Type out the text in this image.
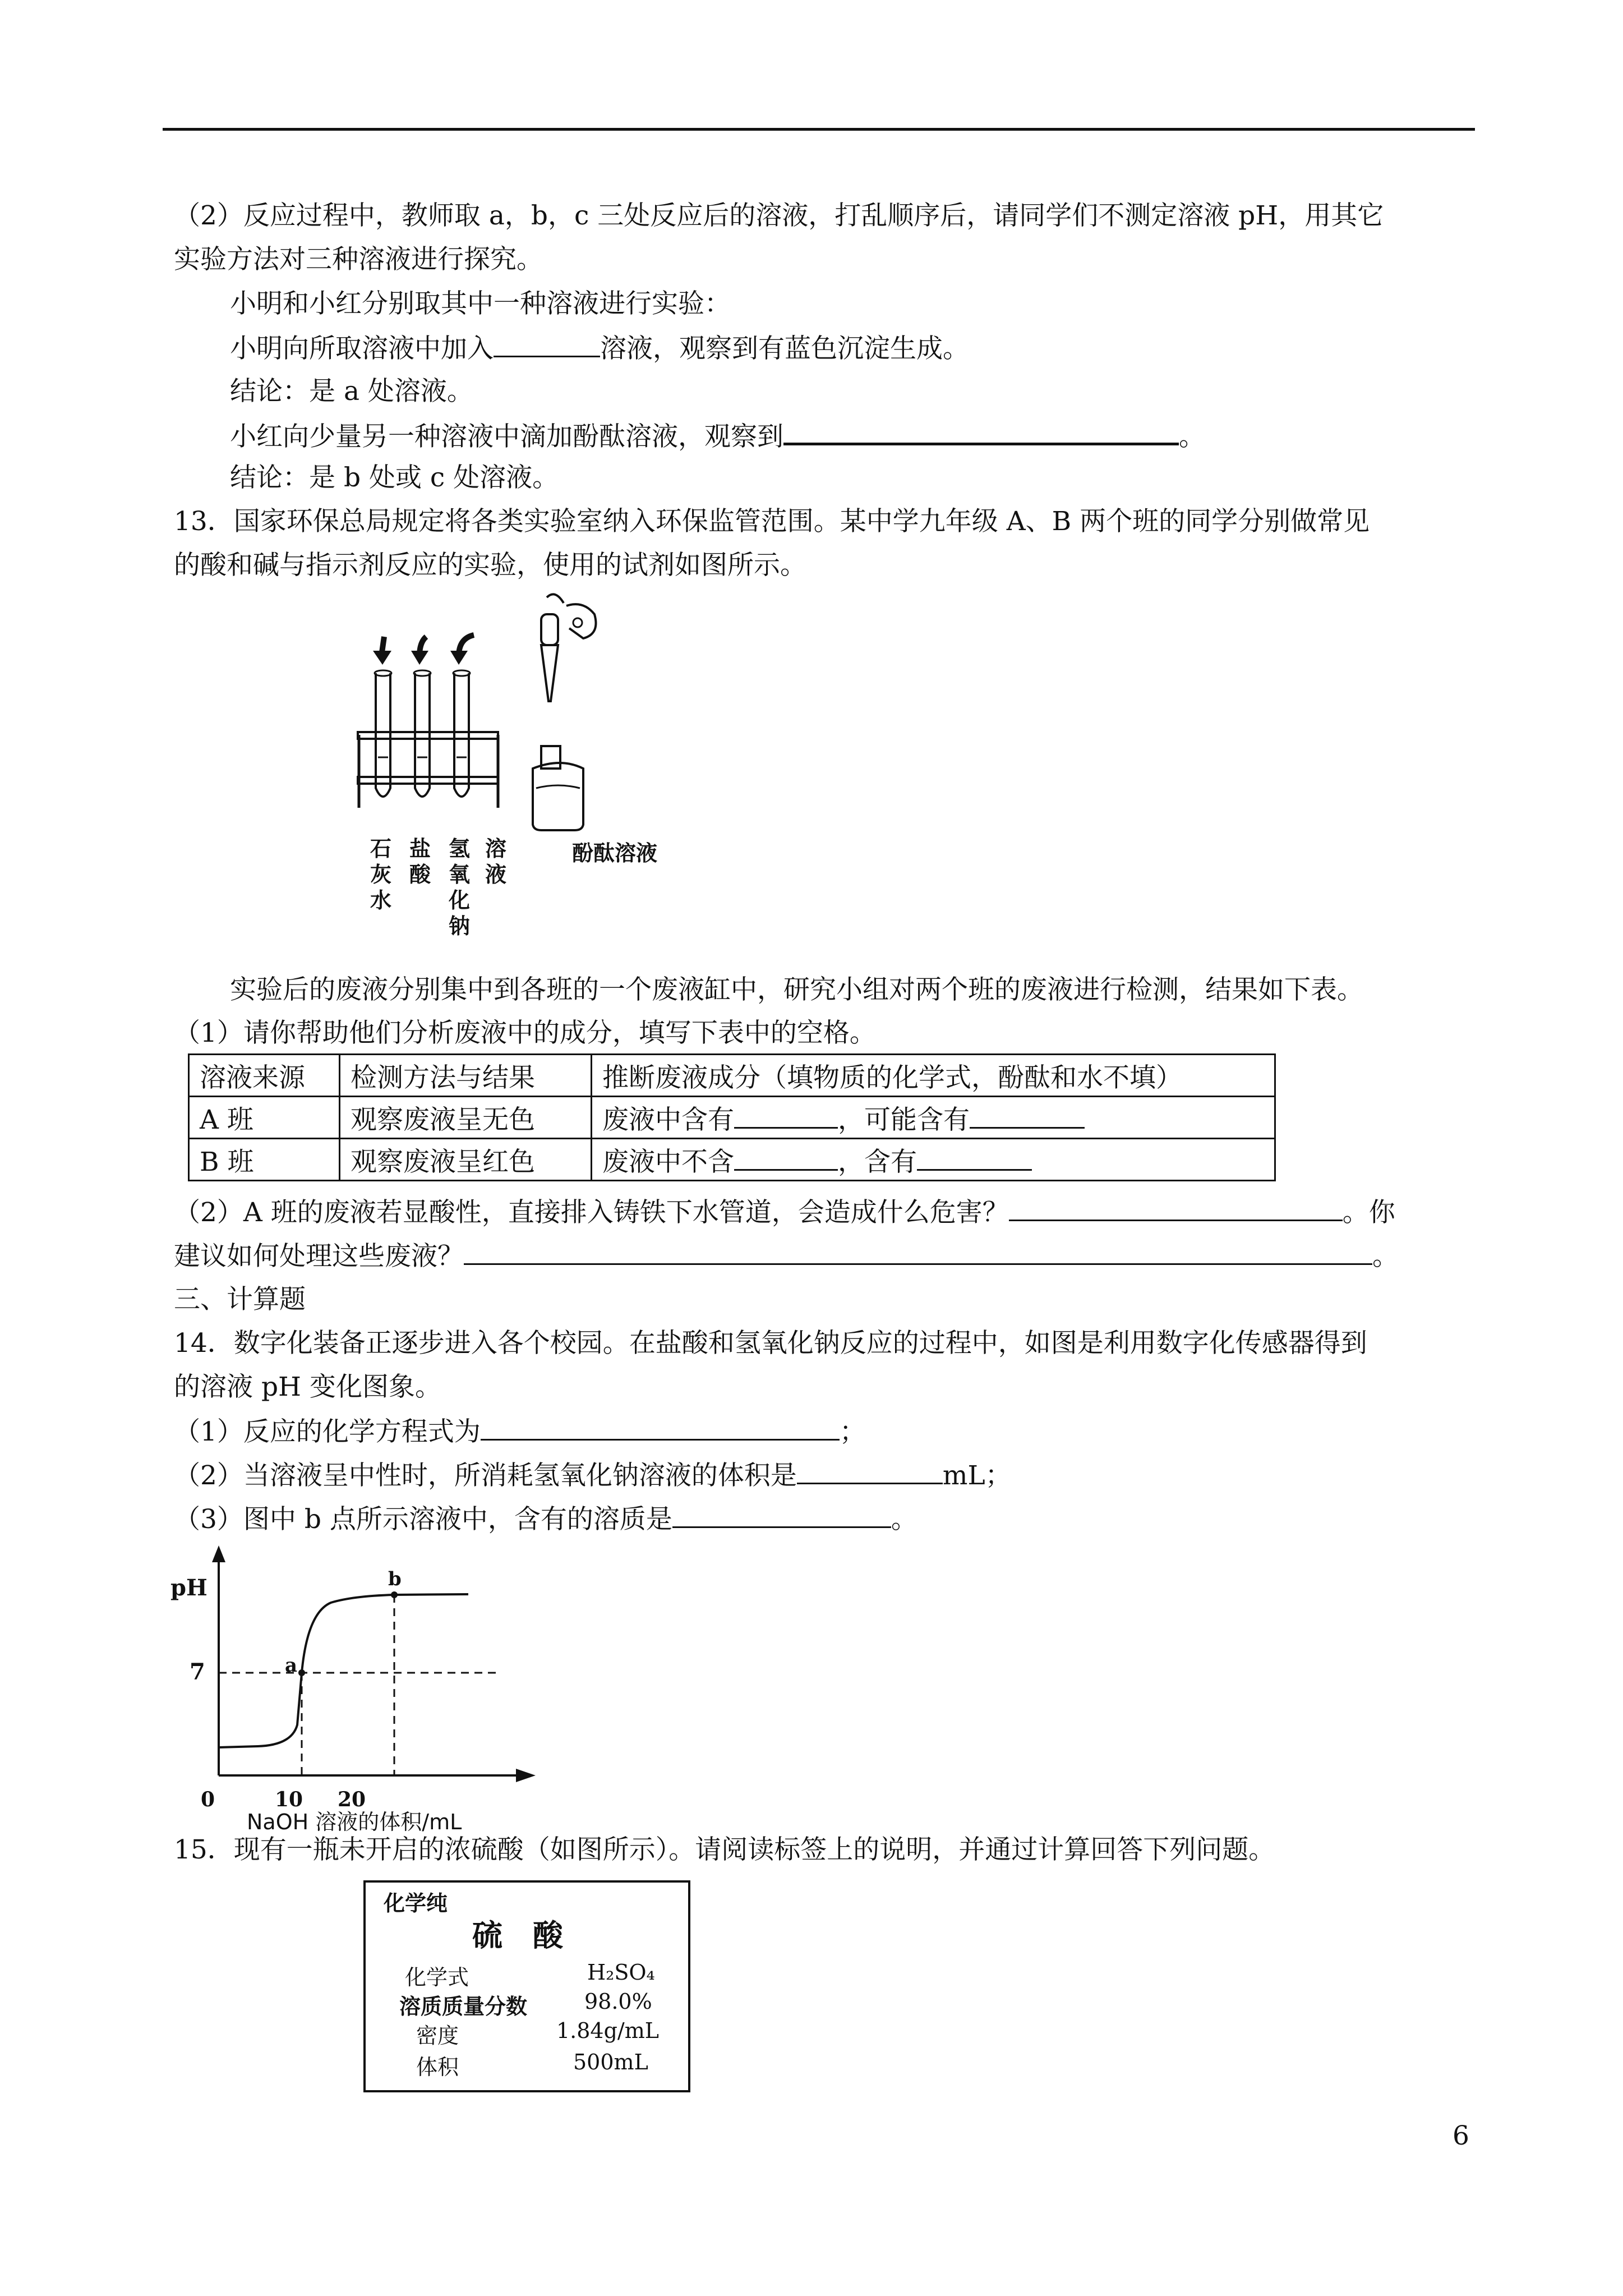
（2）反应过程中，教师取 a，b，c 三处反应后的溶液，打乱顺序后，请同学们不测定溶液 pH，用其它
实验方法对三种溶液进行探究。
小明和小红分别取其中一种溶液进行实验：
小明向所取溶液中加入	溶液，观察到有蓝色沉淀生成。
结论：是 a 处溶液。
小红向少量另一种溶液中滴加酚酞溶液，观察到	。
结论：是 b 处或 c 处溶液。
13．国家环保总局规定将各类实验室纳入环保监管范围。某中学九年级 A、B 两个班的同学分别做常见
的酸和碱与指示剂反应的实验，使用的试剂如图所示。
石灰水
盐酸
氢氧化钠
溶液
酚酞溶液
实验后的废液分别集中到各班的一个废液缸中，研究小组对两个班的废液进行检测，结果如下表。
（1）请你帮助他们分析废液中的成分，填写下表中的空格。
溶液来源	检测方法与结果	推断废液成分（填物质的化学式，酚酞和水不填）
A 班	观察废液呈无色	废液中含有 ，可能含有
B 班	观察废液呈红色	废液中不含 ，含有
（2）A 班的废液若显酸性，直接排入铸铁下水管道，会造成什么危害？	。你
建议如何处理这些废液？	。
三、计算题
14．数字化装备正逐步进入各个校园。在盐酸和氢氧化钠反应的过程中，如图是利用数字化传感器得到
的溶液 pH 变化图象。
（1）反应的化学方程式为	；
（2）当溶液呈中性时，所消耗氢氧化钠溶液的体积是	mL；
（3）图中 b 点所示溶液中，含有的溶质是	。
pH
7	a
b
0	10 20
NaOH 溶液的体积/mL
15．现有一瓶未开启的浓硫酸（如图所示）。请阅读标签上的说明，并通过计算回答下列问题。
化学纯
硫　酸
化学式	H₂SO₄
溶质质量分数	98.0%
密度	1.84g/mL
体积	500mL
6
